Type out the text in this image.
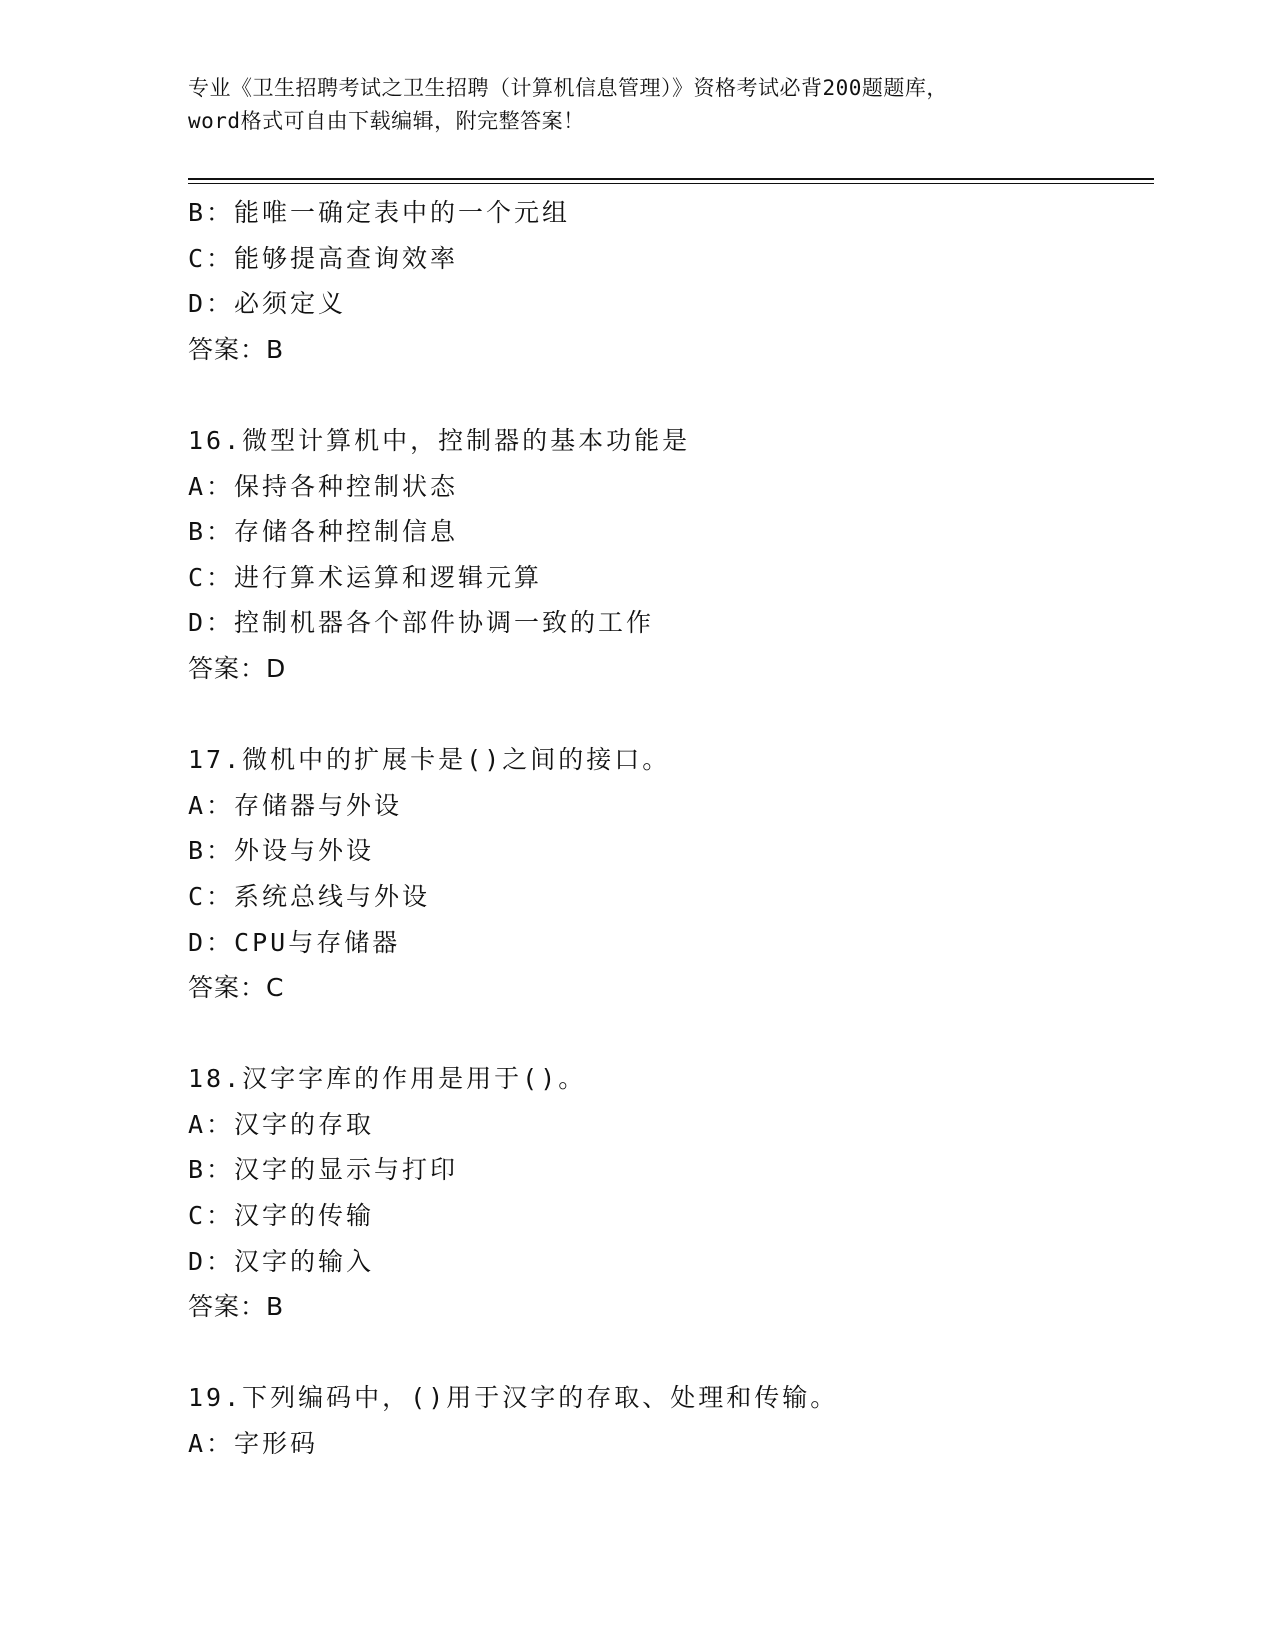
专业《卫生招聘考试之卫生招聘（计算机信息管理）》资格考试必背200题题库，
word格式可自由下载编辑，附完整答案！
B：能唯一确定表中的一个元组
C：能够提高查询效率
D：必须定义
答案：B
16.微型计算机中，控制器的基本功能是
A：保持各种控制状态
B：存储各种控制信息
C：进行算术运算和逻辑元算
D：控制机器各个部件协调一致的工作
答案：D
17.微机中的扩展卡是()之间的接口。
A：存储器与外设
B：外设与外设
C：系统总线与外设
D：CPU与存储器
答案：C
18.汉字字库的作用是用于()。
A：汉字的存取
B：汉字的显示与打印
C：汉字的传输
D：汉字的输入
答案：B
19.下列编码中，()用于汉字的存取、处理和传输。
A：字形码
